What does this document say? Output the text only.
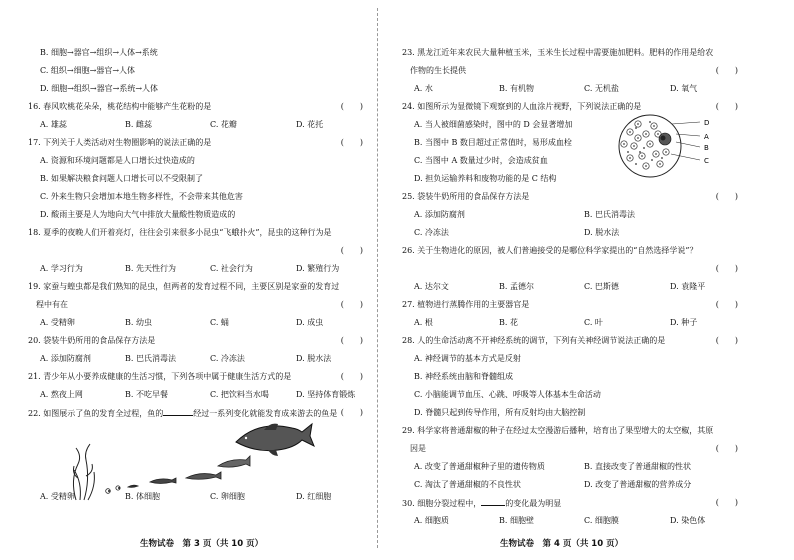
B. 细胞→器官→组织→人体→系统
C. 组织→细胞→器官→人体
D. 细胞→组织→器官→系统→人体
16. 春风吹桃花朵朵，桃花结构中能够产生花粉的是
A. 雄蕊	B. 雌蕊	C. 花瓣	D. 花托
17. 下列关于人类活动对生物圈影响的说法正确的是
A. 资源和环境问题都是人口增长过快造成的
B. 如果解决粮食问题人口增长可以不受限制了
C. 外来生物只会增加本地生物多样性，不会带来其他危害
D. 酸雨主要是人为地向大气中排放大量酸性物质造成的
18. 夏季的夜晚人们开着亮灯，往往会引来很多小昆虫“飞蛾扑火”，昆虫的这种行为是
A. 学习行为	B. 先天性行为	C. 社会行为	D. 繁殖行为
19. 家蚕与蝗虫都是我们熟知的昆虫，但两者的发育过程不同，主要区别是家蚕的发育过
程中有在
A. 受精卵	B. 幼虫	C. 蛹	D. 成虫
20. 袋装牛奶所用的食品保存方法是
A. 添加防腐剂	B. 巴氏消毒法	C. 冷冻法	D. 脱水法
21. 青少年从小要养成健康的生活习惯，下列各项中属于健康生活方式的是
A. 熬夜上网	B. 不吃早餐	C. 把饮料当水喝	D. 坚持体育锻炼
A. 受精卵	B. 体细胞	C. 卵细胞	D. 红细胞
22. 如图展示了鱼的发育全过程，鱼的	经过一系列变化就能发育成来游去的鱼是
(　　)
(　　)
(　　)
(　　)
(　　)
(　　)
(　　)
生物试卷　第 3 页（共 10 页）
23. 黑龙江近年来农民大量种植玉米，玉米生长过程中需要施加肥料。肥料的作用是给农
作物的生长提供
A. 水	B. 有机物	C. 无机盐	D. 氧气
24. 如图所示为显微镜下观察到的人血涂片视野，下列说法正确的是
A. 当人被细菌感染时，图中的 D 会显著增加
B. 当图中 B 数目超过正常值时，易形成血栓
C. 当图中 A 数量过少时，会造成贫血
D. 担负运输养料和废物功能的是 C 结构
25. 袋装牛奶所用的食品保存方法是
A. 添加防腐剂	B. 巴氏消毒法
C. 冷冻法	D. 脱水法
26. 关于生物进化的原因，被人们普遍接受的是哪位科学家提出的“自然选择学说”？
A. 达尔文	B. 孟德尔	C. 巴斯德	D. 袁隆平
27. 植物进行蒸腾作用的主要器官是
A. 根	B. 花	C. 叶	D. 种子
28. 人的生命活动离不开神经系统的调节，下列有关神经调节说法正确的是
A. 神经调节的基本方式是反射
B. 神经系统由脑和脊髓组成
C. 小脑能调节血压、心跳、呼吸等人体基本生命活动
D. 脊髓只起到传导作用，所有反射均由大脑控制
29. 科学家将普通甜椒的种子在经过太空漫游后播种，培育出了果型增大的太空椒，其原
因是
A. 改变了普通甜椒种子里的遗传物质	B. 直接改变了普通甜椒的性状
C. 淘汰了普通甜椒的不良性状	D. 改变了普通甜椒的营养成分
A. 细胞质	B. 细胞壁	C. 细胞膜	D. 染色体
30. 细胞分裂过程中，	的变化最为明显
(　　)
(　　)
(　　)
(　　)
(　　)
(　　)
(　　)
(　　)
D
A
B
C
生物试卷　第 4 页（共 10 页）
